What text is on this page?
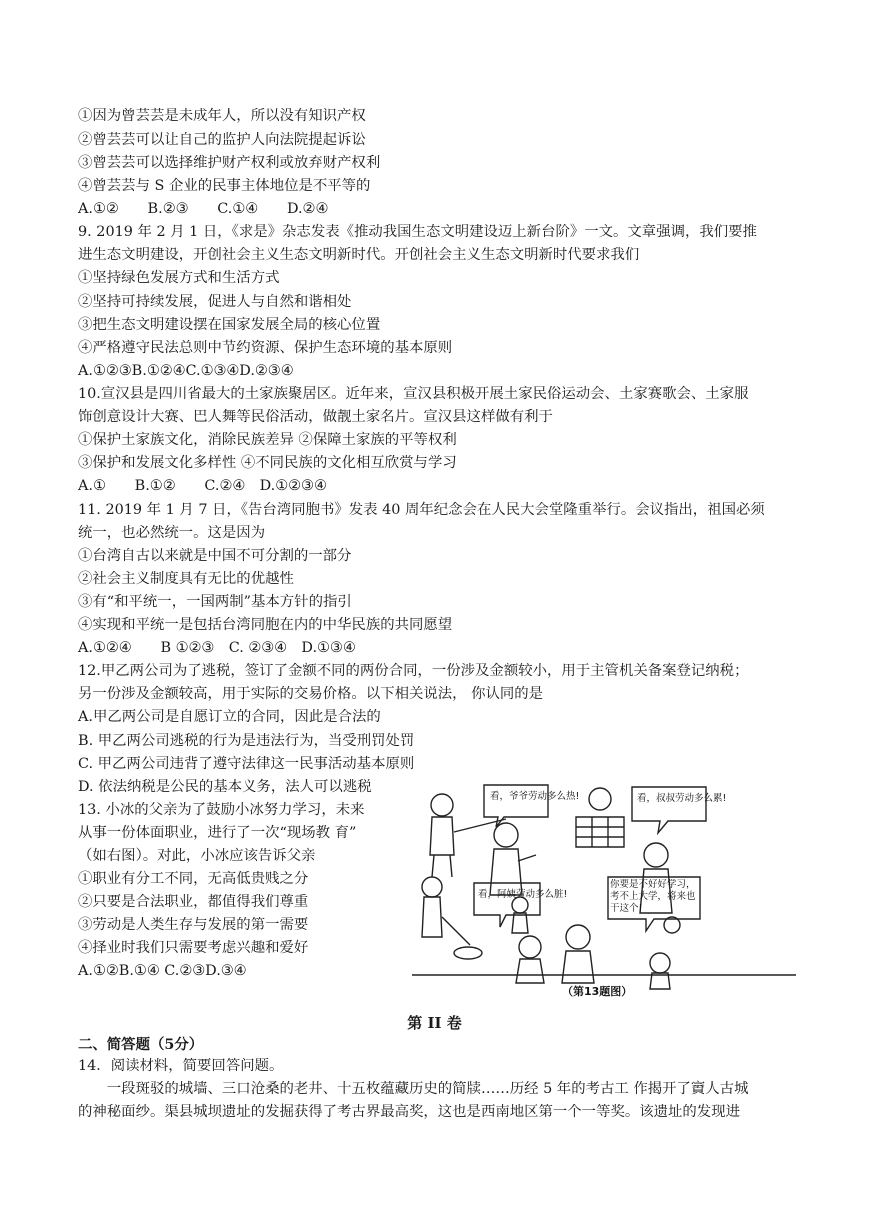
①因为曾芸芸是未成年人，所以没有知识产权
②曾芸芸可以让自己的监护人向法院提起诉讼
③曾芸芸可以选择维护财产权利或放弃财产权利
④曾芸芸与 S 企业的民事主体地位是不平等的
A.①②　　B.②③　　C.①④　　D.②④
9. 2019 年 2 月 1 日，《求是》杂志发表《推动我国生态文明建设迈上新台阶》一文。文章强调，我们要推
进生态文明建设，开创社会主义生态文明新时代。开创社会主义生态文明新时代要求我们
①坚持绿色发展方式和生活方式
②坚持可持续发展，促进人与自然和谐相处
③把生态文明建设摆在国家发展全局的核心位置
④严格遵守民法总则中节约资源、保护生态环境的基本原则
A.①②③B.①②④C.①③④D.②③④
10.宣汉县是四川省最大的土家族聚居区。近年来，宣汉县积极开展土家民俗运动会、土家赛歌会、土家服
饰创意设计大赛、巴人舞等民俗活动，做靓土家名片。宣汉县这样做有利于
①保护土家族文化，消除民族差异 ②保障土家族的平等权利
③保护和发展文化多样性 ④不同民族的文化相互欣赏与学习
A.①　　B.①②　　C.②④　D.①②③④
11. 2019 年 1 月 7 日，《告台湾同胞书》发表 40 周年纪念会在人民大会堂隆重举行。会议指出，祖国必须
统一，也必然统一。这是因为
①台湾自古以来就是中国不可分割的一部分
②社会主义制度具有无比的优越性
③有“和平统一，一国两制”基本方针的指引
④实现和平统一是包括台湾同胞在内的中华民族的共同愿望
A.①②④　　B ①②③　C. ②③④　D.①③④
12.甲乙两公司为了逃税，签订了金额不同的两份合同，一份涉及金额较小，用于主管机关备案登记纳税；
另一份涉及金额较高，用于实际的交易价格。以下相关说法， 你认同的是
A.甲乙两公司是自愿订立的合同，因此是合法的
B. 甲乙两公司逃税的行为是违法行为，当受刑罚处罚
C. 甲乙两公司违背了遵守法律这一民事活动基本原则
D. 依法纳税是公民的基本义务，法人可以逃税
13. 小冰的父亲为了鼓励小冰努力学习，未来
从事一份体面职业，进行了一次“现场教 育”
（如右图）。对此，小冰应该告诉父亲
①职业有分工不同，无高低贵贱之分
②只要是合法职业，都值得我们尊重
③劳动是人类生存与发展的第一需要
④择业时我们只需要考虑兴趣和爱好
A.①②B.①④ C.②③D.③④
看，爷爷劳动多么热!	看，叔叔劳动多么累!
看，阿姨劳动多么脏!
你要是不好好学习，考不上大学，将来也干这个!
（第13题图）
第 II 卷
二、简答题（5分）
14．阅读材料，简要回答问题。
　　一段斑驳的城墙、三口沧桑的老井、十五枚蕴藏历史的简牍……历经 5 年的考古工 作揭开了賨人古城
的神秘面纱。渠县城坝遗址的发掘获得了考古界最高奖，这也是西南地区第一个一等奖。该遗址的发现进
